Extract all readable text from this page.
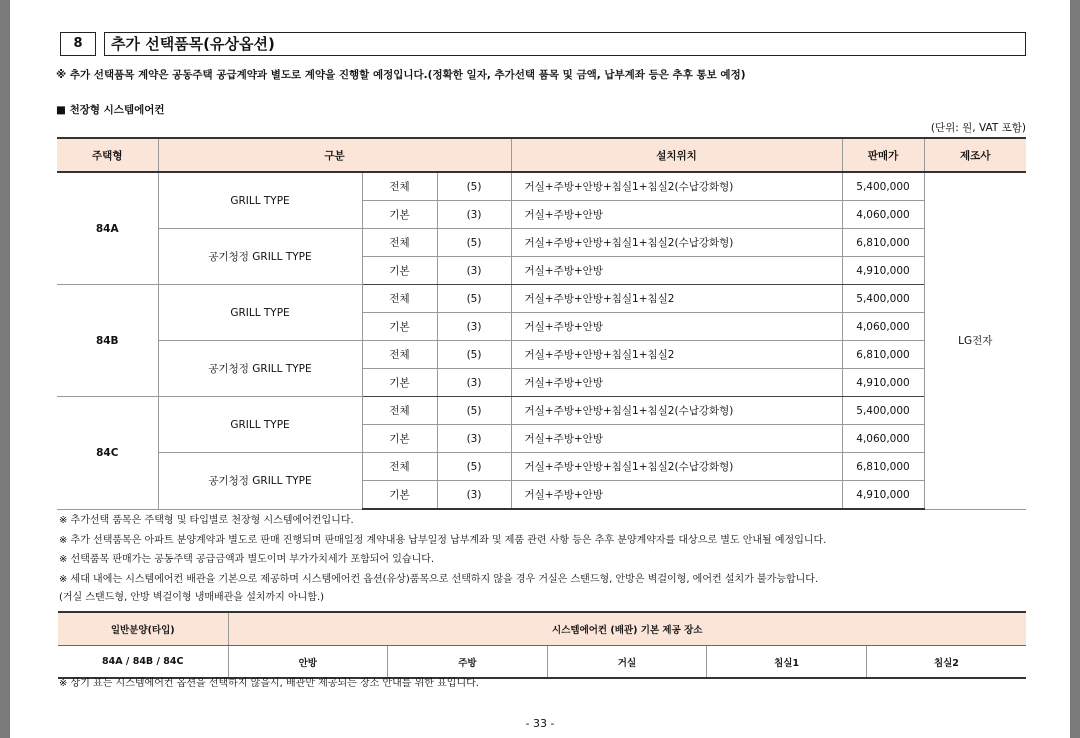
8	추가 선택품목(유상옵션)
※ 추가 선택품목 계약은 공동주택 공급계약과 별도로 계약을 진행할 예정입니다.(정확한 일자, 추가선택 품목 및 금액, 납부계좌 등은 추후 통보 예정)
■ 천장형 시스템에어컨
(단위: 원, VAT 포함)
주택형	구분			설치위치	판매가	제조사
84A	GRILL TYPE	전체	(5)	거실+주방+안방+침실1+침실2(수납강화형)	5,400,000	LG전자
		기본	(3)	거실+주방+안방	4,060,000	
	공기청정 GRILL TYPE	전체	(5)	거실+주방+안방+침실1+침실2(수납강화형)	6,810,000	
		기본	(3)	거실+주방+안방	4,910,000	
84B	GRILL TYPE	전체	(5)	거실+주방+안방+침실1+침실2	5,400,000	
		기본	(3)	거실+주방+안방	4,060,000	
	공기청정 GRILL TYPE	전체	(5)	거실+주방+안방+침실1+침실2	6,810,000	
		기본	(3)	거실+주방+안방	4,910,000	
84C	GRILL TYPE	전체	(5)	거실+주방+안방+침실1+침실2(수납강화형)	5,400,000	
		기본	(3)	거실+주방+안방	4,060,000	
	공기청정 GRILL TYPE	전체	(5)	거실+주방+안방+침실1+침실2(수납강화형)	6,810,000	
		기본	(3)	거실+주방+안방	4,910,000	
※ 추가선택 품목은 주택형 및 타입별로 천장형 시스템에어컨입니다.
※ 추가 선택품목은 아파트 분양계약과 별도로 판매 진행되며 판매일정 계약내용 납부일정 납부계좌 및 제품 관련 사항 등은 추후 분양계약자를 대상으로 별도 안내될 예정입니다.
※ 선택품목 판매가는 공동주택 공급금액과 별도이며 부가가치세가 포함되어 있습니다.
※ 세대 내에는 시스템에어컨 배관을 기본으로 제공하며 시스템에어컨 옵션(유상)품목으로 선택하지 않을 경우 거실은 스탠드형, 안방은 벽걸이형, 에어컨 설치가 불가능합니다.
(거실 스탠드형, 안방 벽걸이형 냉매배관을 설치까지 아니함.)
일반분양(타입)	시스템에어컨 (배관) 기본 제공 장소				
84A / 84B / 84C	안방	주방	거실	침실1	침실2
※ 상기 표는 시스템에어컨 옵션을 선택하지 않을시, 배관만 제공되는 장소 안내를 위한 표입니다.
- 33 -
